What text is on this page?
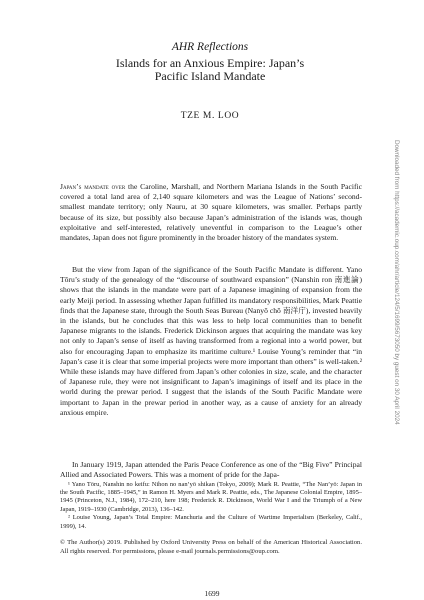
AHR Reflections
Islands for an Anxious Empire: Japan’s
Pacific Island Mandate
TZE M. LOO

Japan’s mandate over the Caroline, Marshall, and Northern Mariana Islands in the South Pacific covered a total land area of 2,140 square kilometers and was the League of Nations’ second-smallest mandate territory; only Nauru, at 30 square kilometers, was smaller. Perhaps partly because of its size, but possibly also because Japan’s administration of the islands was, though exploitative and self-interested, relatively uneventful in comparison to the League’s other mandates, Japan does not figure prominently in the broader history of the mandates system.

But the view from Japan of the significance of the South Pacific Mandate is different. Yano Tōru’s study of the genealogy of the “discourse of southward expansion” (Nanshin ron 南進論) shows that the islands in the mandate were part of a Japanese imagining of expansion from the early Meiji period. In assessing whether Japan fulfilled its mandatory responsibilities, Mark Peattie finds that the Japanese state, through the South Seas Bureau (Nanyō chō 南洋庁), invested heavily in the islands, but he concludes that this was less to help local communities than to benefit Japanese migrants to the islands. Frederick Dickinson argues that acquiring the mandate was key not only to Japan’s sense of itself as having transformed from a regional into a world power, but also for encouraging Japan to emphasize its maritime culture.¹ Louise Young’s reminder that “in Japan’s case it is clear that some imperial projects were more important than others” is well-taken.² While these islands may have differed from Japan’s other colonies in size, scale, and the character of Japanese rule, they were not insignificant to Japan’s imaginings of itself and its place in the world during the prewar period. I suggest that the islands of the South Pacific Mandate were important to Japan in the prewar period in another way, as a cause of anxiety for an already anxious empire.

In January 1919, Japan attended the Paris Peace Conference as one of the “Big Five” Principal Allied and Associated Powers. This was a moment of pride for the Japa-

¹ Yano Tōru, Nanshin no keifu: Nihon no nan’yō shikan (Tokyo, 2009); Mark R. Peattie, “The Nan’yō: Japan in the South Pacific, 1885–1945,” in Ramon H. Myers and Mark R. Peattie, eds., The Japanese Colonial Empire, 1895–1945 (Princeton, N.J., 1984), 172–210, here 198; Frederick R. Dickinson, World War I and the Triumph of a New Japan, 1919–1930 (Cambridge, 2013), 136–142.

² Louise Young, Japan’s Total Empire: Manchuria and the Culture of Wartime Imperialism (Berkeley, Calif., 1999), 14.

© The Author(s) 2019. Published by Oxford University Press on behalf of the American Historical Association. All rights reserved. For permissions, please e-mail journals.permissions@oup.com.
1699
Downloaded from https://academic.oup.com/ahr/article/124/5/1699/5673050 by guest on 30 April 2024
